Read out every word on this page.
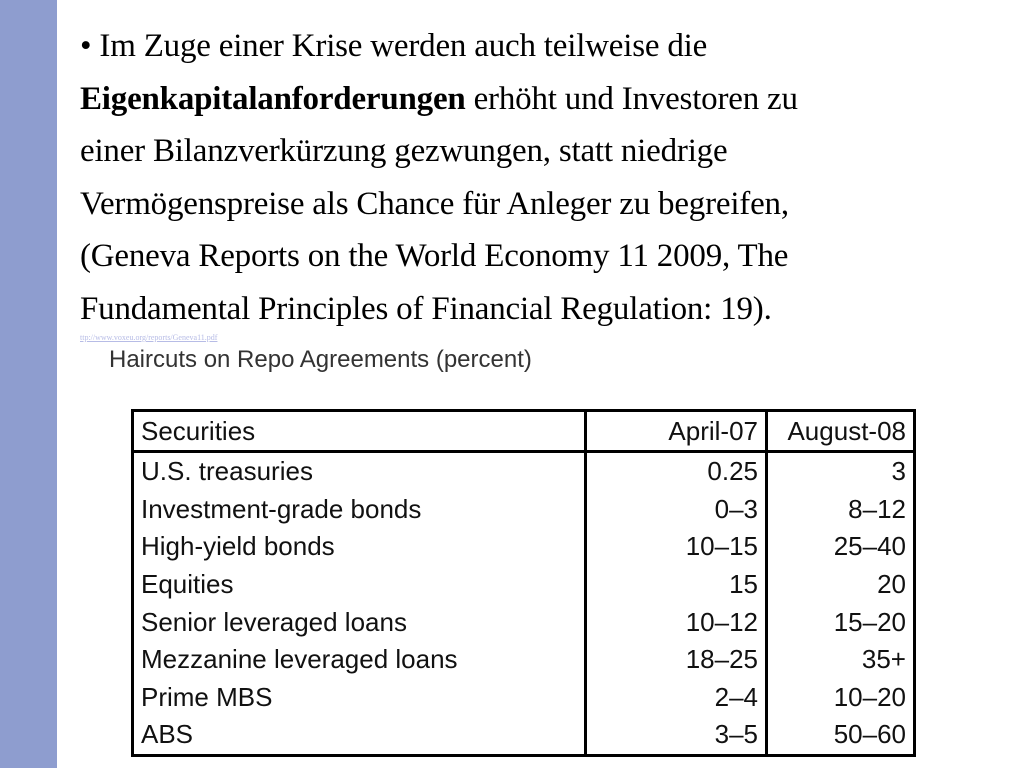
• Im Zuge einer Krise werden auch teilweise die
Eigenkapitalanforderungen erhöht und Investoren zu
einer Bilanzverkürzung gezwungen, statt niedrige
Vermögenspreise als Chance für Anleger zu begreifen,
(Geneva Reports on the World Economy 11 2009, The
Fundamental Principles of Financial Regulation: 19).
ttp://www.voxeu.org/reports/Geneva11.pdf
Haircuts on Repo Agreements (percent)
Securities	April-07	August-08
U.S. treasuries	0.25	3
Investment-grade bonds	0–3	8–12
High-yield bonds	10–15	25–40
Equities	15	20
Senior leveraged loans	10–12	15–20
Mezzanine leveraged loans	18–25	35+
Prime MBS	2–4	10–20
ABS	3–5	50–60
